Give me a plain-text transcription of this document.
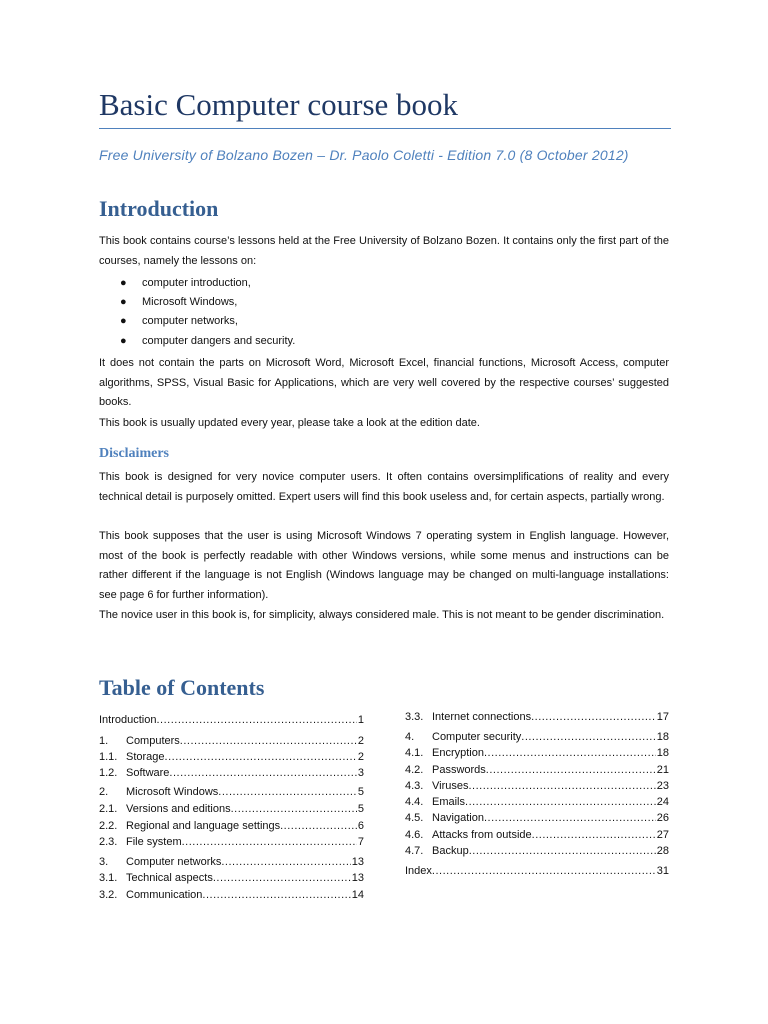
Basic Computer course book
Free University of Bolzano Bozen – Dr. Paolo Coletti - Edition 7.0 (8 October 2012)
Introduction

This book contains course’s lessons held at the Free University of Bolzano Bozen. It contains only the first part of the courses, namely the lessons on:

● computer introduction,
● Microsoft Windows,
● computer networks,
● computer dangers and security.

It does not contain the parts on Microsoft Word, Microsoft Excel, financial functions, Microsoft Access, computer algorithms, SPSS, Visual Basic for Applications, which are very well covered by the respective courses’ suggested books.

This book is usually updated every year, please take a look at the edition date.

Disclaimers

This book is designed for very novice computer users. It often contains oversimplifications of reality and every technical detail is purposely omitted. Expert users will find this book useless and, for certain aspects, partially wrong.

This book supposes that the user is using Microsoft Windows 7 operating system in English language. However, most of the book is perfectly readable with other Windows versions, while some menus and instructions can be rather different if the language is not English (Windows language may be changed on multi-language installations: see page 6 for further information).

The novice user in this book is, for simplicity, always considered male. This is not meant to be gender discrimination.

Table of Contents
Introduction .....	1
1.	Computers .....	2
1.1. Storage .....	2
1.2. Software .....	3
2.	Microsoft Windows .....	5
2.1. Versions and editions .....	5
2.2. Regional and language settings .....	6
2.3. File system .....	7
3.	Computer networks .....	13
3.1. Technical aspects .....	13
3.2. Communication .....	14
3.3. Internet connections .....	17
4.	Computer security .....	18
4.1. Encryption .....	18
4.2. Passwords .....	21
4.3. Viruses .....	23
4.4. Emails .....	24
4.5. Navigation .....	26
4.6. Attacks from outside .....	27
4.7. Backup .....	28
Index .....	31
